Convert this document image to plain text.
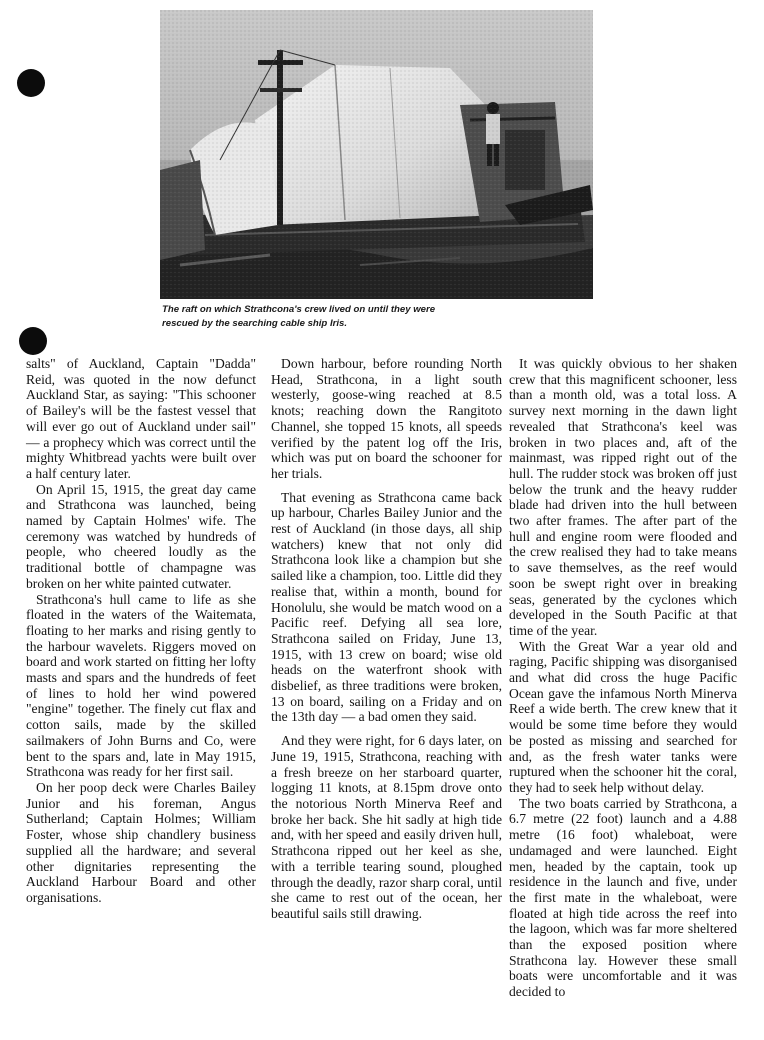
The raft on which Strathcona's crew lived on until they were
rescued by the searching cable ship Iris.

salts" of Auckland, Captain "Dadda" Reid, was quoted in the now defunct Auckland Star, as saying: "This schooner of Bailey's will be the fastest vessel that will ever go out of Auckland under sail" — a prophecy which was correct until the mighty Whitbread yachts were built over a half century later.

On April 15, 1915, the great day came and Strathcona was launched, being named by Captain Holmes' wife. The ceremony was watched by hundreds of people, who cheered loudly as the traditional bottle of champagne was broken on her white painted cutwater.

Strathcona's hull came to life as she floated in the waters of the Waitemata, floating to her marks and rising gently to the harbour wavelets. Riggers moved on board and work started on fitting her lofty masts and spars and the hundreds of feet of lines to hold her wind powered "engine" together. The finely cut flax and cotton sails, made by the skilled sailmakers of John Burns and Co, were bent to the spars and, late in May 1915, Strathcona was ready for her first sail.

On her poop deck were Charles Bailey Junior and his foreman, Angus Sutherland; Captain Holmes; William Foster, whose ship chandlery business supplied all the hardware; and several other dignitaries representing the Auckland Harbour Board and other organisations.

Down harbour, before rounding North Head, Strathcona, in a light south westerly, goose-wing reached at 8.5 knots; reaching down the Rangitoto Channel, she topped 15 knots, all speeds verified by the patent log off the Iris, which was put on board the schooner for her trials.

That evening as Strathcona came back up harbour, Charles Bailey Junior and the rest of Auckland (in those days, all ship watchers) knew that not only did Strathcona look like a champion but she sailed like a champion, too. Little did they realise that, within a month, bound for Honolulu, she would be match wood on a Pacific reef. Defying all sea lore, Strathcona sailed on Friday, June 13, 1915, with 13 crew on board; wise old heads on the waterfront shook with disbelief, as three traditions were broken, 13 on board, sailing on a Friday and on the 13th day — a bad omen they said.

And they were right, for 6 days later, on June 19, 1915, Strathcona, reaching with a fresh breeze on her starboard quarter, logging 11 knots, at 8.15pm drove onto the notorious North Minerva Reef and broke her back. She hit sadly at high tide and, with her speed and easily driven hull, Strathcona ripped out her keel as she, with a terrible tearing sound, ploughed through the deadly, razor sharp coral, until she came to rest out of the ocean, her beautiful sails still drawing.

It was quickly obvious to her shaken crew that this magnificent schooner, less than a month old, was a total loss. A survey next morning in the dawn light revealed that Strathcona's keel was broken in two places and, aft of the mainmast, was ripped right out of the hull. The rudder stock was broken off just below the trunk and the heavy rudder blade had driven into the hull between two after frames. The after part of the hull and engine room were flooded and the crew realised they had to take means to save themselves, as the reef would soon be swept right over in breaking seas, generated by the cyclones which developed in the South Pacific at that time of the year.

With the Great War a year old and raging, Pacific shipping was disorganised and what did cross the huge Pacific Ocean gave the infamous North Minerva Reef a wide berth. The crew knew that it would be some time before they would be posted as missing and searched for and, as the fresh water tanks were ruptured when the schooner hit the coral, they had to seek help without delay.

The two boats carried by Strathcona, a 6.7 metre (22 foot) launch and a 4.88 metre (16 foot) whaleboat, were undamaged and were launched. Eight men, headed by the captain, took up residence in the launch and five, under the first mate in the whaleboat, were floated at high tide across the reef into the lagoon, which was far more sheltered than the exposed position where Strathcona lay. However these small boats were uncomfortable and it was decided to
